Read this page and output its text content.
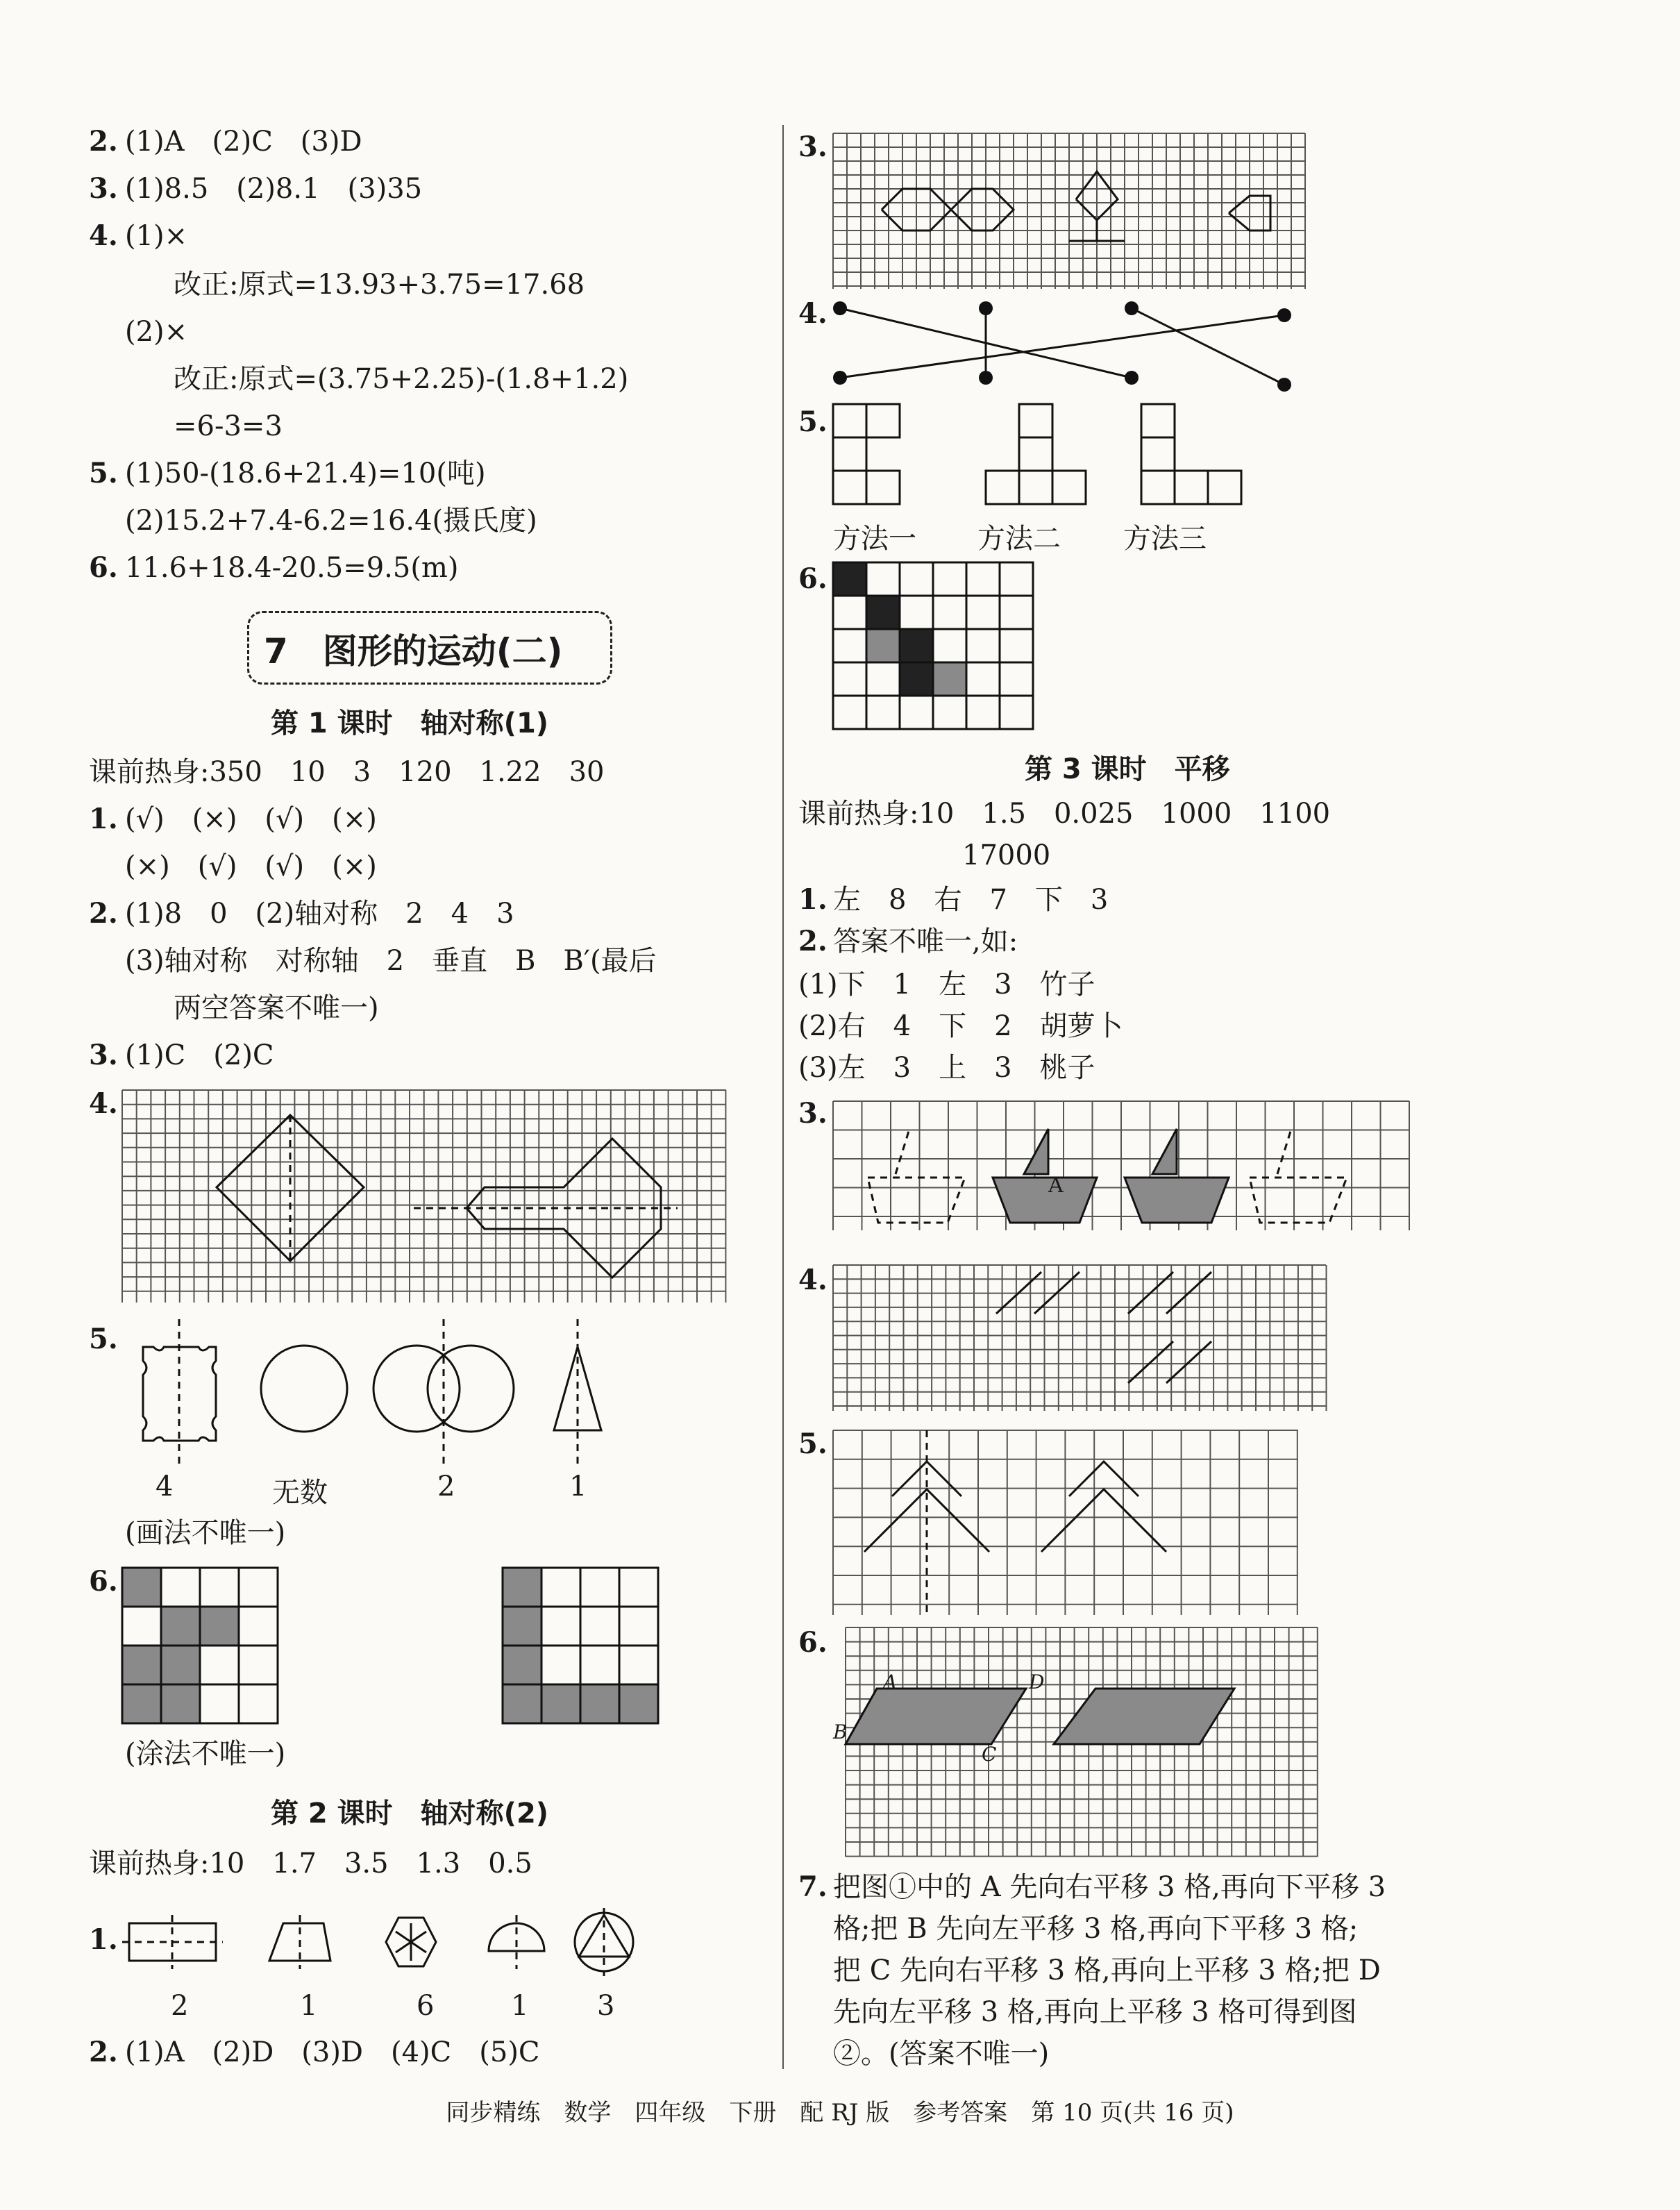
2. (1)A　(2)C　(3)D
3. (1)8.5　(2)8.1　(3)35
4. (1)×
改正:原式=13.93+3.75=17.68
(2)×
改正:原式=(3.75+2.25)-(1.8+1.2)
=6-3=3
5. (1)50-(18.6+21.4)=10(吨)
(2)15.2+7.4-6.2=16.4(摄氏度)
6. 11.6+18.4-20.5=9.5(m)
7　图形的运动(二)
第 1 课时　轴对称(1)
课前热身:350　10　3　120　1.22　30
1. (√)　(×)　(√)　(×)
(×)　(√)　(√)　(×)
2. (1)8　0　(2)轴对称　2　4　3
(3)轴对称　对称轴　2　垂直　B　B′(最后
两空答案不唯一)
3. (1)C　(2)C
4.
5.
4	无数	2	1
(画法不唯一)
6.
(涂法不唯一)
第 2 课时　轴对称(2)
课前热身:10　1.7　3.5　1.3　0.5
1.
2	1	6	1 3
2. (1)A　(2)D　(3)D　(4)C　(5)C
3.
4.
5.
方法一 方法二 方法三
6.
第 3 课时　平移
课前热身:10　1.5　0.025　1000　1100
17000
1. 左　8　右　7　下　3
2. 答案不唯一,如:
(1)下　1　左　3　竹子
(2)右　4　下　2　胡萝卜
(3)左　3　上　3　桃子
3.
A
4.
5.
6.
A	D
B
C
7. 把图①中的 A 先向右平移 3 格,再向下平移 3
格;把 B 先向左平移 3 格,再向下平移 3 格;
把 C 先向右平移 3 格,再向上平移 3 格;把 D
先向左平移 3 格,再向上平移 3 格可得到图
②。(答案不唯一)
同步精练　数学　四年级　下册　配 RJ 版　参考答案　第 10 页(共 16 页)
